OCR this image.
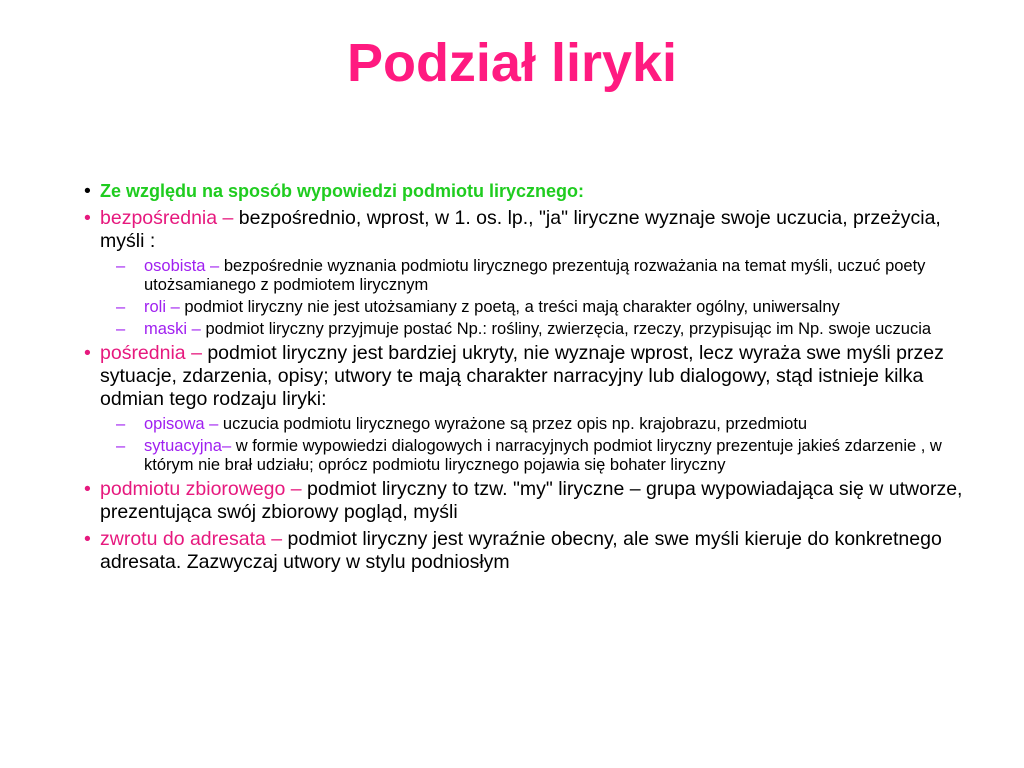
Podział liryki
• Ze względu na sposób wypowiedzi podmiotu lirycznego:
• bezpośrednia – bezpośrednio, wprost, w 1. os. lp., "ja" liryczne wyznaje swoje uczucia, przeżycia, myśli :
– osobista – bezpośrednie wyznania podmiotu lirycznego prezentują rozważania na temat myśli, uczuć poety utożsamianego z podmiotem lirycznym
– roli – podmiot liryczny nie jest utożsamiany z poetą, a treści mają charakter ogólny, uniwersalny
– maski – podmiot liryczny przyjmuje postać Np.: rośliny, zwierzęcia, rzeczy, przypisując im Np. swoje uczucia
• pośrednia – podmiot liryczny jest bardziej ukryty, nie wyznaje wprost, lecz wyraża swe myśli przez sytuacje, zdarzenia, opisy; utwory te mają charakter narracyjny lub dialogowy, stąd istnieje kilka odmian tego rodzaju liryki:
– opisowa – uczucia podmiotu lirycznego wyrażone są przez opis np. krajobrazu, przedmiotu
– sytuacyjna– w formie wypowiedzi dialogowych i narracyjnych podmiot liryczny prezentuje jakieś zdarzenie , w którym nie brał udziału; oprócz podmiotu lirycznego pojawia się bohater liryczny
• podmiotu zbiorowego – podmiot liryczny to tzw. "my" liryczne – grupa wypowiadająca się w utworze, prezentująca swój zbiorowy pogląd, myśli
• zwrotu do adresata – podmiot liryczny jest wyraźnie obecny, ale swe myśli kieruje do konkretnego adresata. Zazwyczaj utwory w stylu podniosłym
